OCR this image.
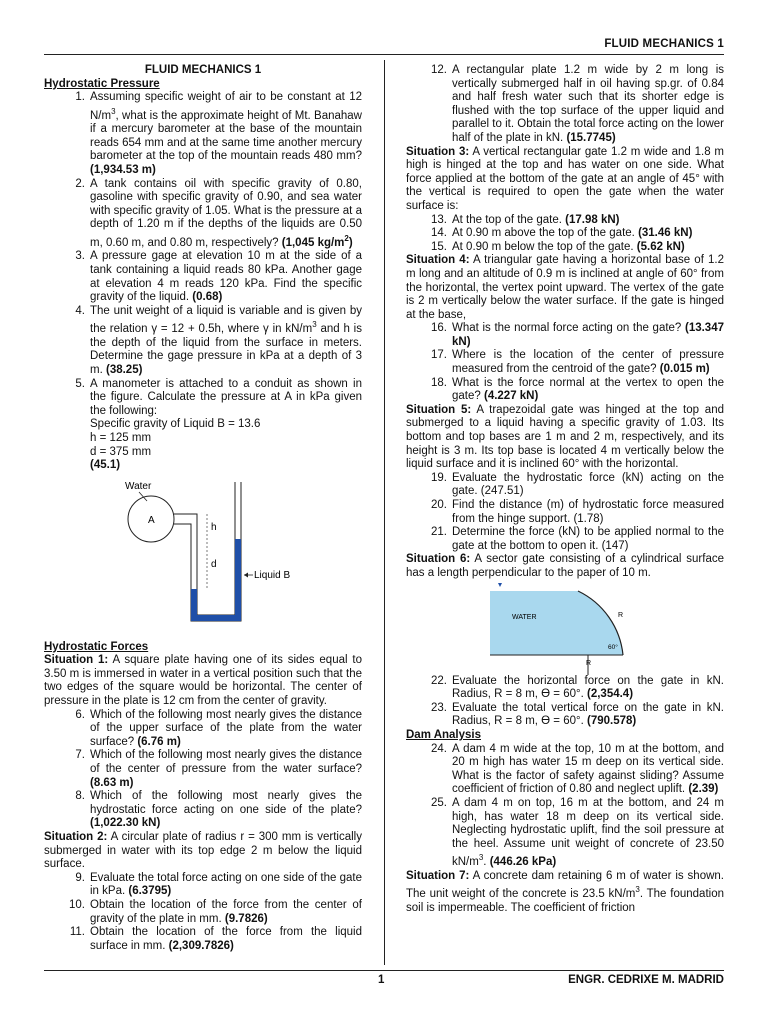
FLUID MECHANICS 1
FLUID MECHANICS 1
Hydrostatic Pressure
1. Assuming specific weight of air to be constant at 12 $N/m^3$, what is the approximate height of Mt. Banahaw if a mercury barometer at the base of the mountain reads 654 mm and at the same time another mercury barometer at the top of the mountain reads 480 mm? (1,934.53 m)
2. A tank contains oil with specific gravity of 0.80, gasoline with specific gravity of 0.90, and sea water with specific gravity of 1.05. What is the pressure at a depth of 1.20 m if the depths of the liquids are 0.50 m, 0.60 m, and 0.80 m, respectively? (1,045 $kg/m^2$)
3. A pressure gage at elevation 10 m at the side of a tank containing a liquid reads 80 kPa. Another gage at elevation 4 m reads 120 kPa. Find the specific gravity of the liquid. (0.68)
4. The unit weight of a liquid is variable and is given by the relation γ = 12 + 0.5h, where γ in $kN/m^3$ and h is the depth of the liquid from the surface in meters. Determine the gage pressure in kPa at a depth of 3 m. (38.25)
5. A manometer is attached to a conduit as shown in the figure. Calculate the pressure at A in kPa given the following:
Specific gravity of Liquid B = 13.6
h = 125 mm
d = 375 mm
(45.1)
Water
A
h
d
Liquid B
Hydrostatic Forces
Situation 1: A square plate having one of its sides equal to 3.50 m is immersed in water in a vertical position such that the two edges of the square would be horizontal. The center of pressure in the plate is 12 cm from the center of gravity.
6. Which of the following most nearly gives the distance of the upper surface of the plate from the water surface? (6.76 m)
7. Which of the following most nearly gives the distance of the center of pressure from the water surface? (8.63 m)
8. Which of the following most nearly gives the hydrostatic force acting on one side of the plate? (1,022.30 kN)
Situation 2: A circular plate of radius r = 300 mm is vertically submerged in water with its top edge 2 m below the liquid surface.
9. Evaluate the total force acting on one side of the gate in kPa. (6.3795)
10. Obtain the location of the force from the center of gravity of the plate in mm. (9.7826)
11. Obtain the location of the force from the liquid surface in mm. (2,309.7826)
12. A rectangular plate 1.2 m wide by 2 m long is vertically submerged half in oil having sp.gr. of 0.84 and half fresh water such that its shorter edge is flushed with the top surface of the upper liquid and parallel to it. Obtain the total force acting on the lower half of the plate in kN. (15.7745)
Situation 3: A vertical rectangular gate 1.2 m wide and 1.8 m high is hinged at the top and has water on one side. What force applied at the bottom of the gate at an angle of 45° with the vertical is required to open the gate when the water surface is:
13. At the top of the gate. (17.98 kN)
14. At 0.90 m above the top of the gate. (31.46 kN)
15. At 0.90 m below the top of the gate. (5.62 kN)
Situation 4: A triangular gate having a horizontal base of 1.2 m long and an altitude of 0.9 m is inclined at angle of 60° from the horizontal, the vertex point upward. The vertex of the gate is 2 m vertically below the water surface. If the gate is hinged at the base,
16. What is the normal force acting on the gate? (13.347 kN)
17. Where is the location of the center of pressure measured from the centroid of the gate? (0.015 m)
18. What is the force normal at the vertex to open the gate? (4.227 kN)
Situation 5: A trapezoidal gate was hinged at the top and submerged to a liquid having a specific gravity of 1.03. Its bottom and top bases are 1 m and 2 m, respectively, and its height is 3 m. Its top base is located 4 m vertically below the liquid surface and it is inclined 60° with the horizontal.
19. Evaluate the hydrostatic force (kN) acting on the gate. (247.51)
20. Find the distance (m) of hydrostatic force measured from the hinge support. (1.78)
21. Determine the force (kN) to be applied normal to the gate at the bottom to open it. (147)
Situation 6: A sector gate consisting of a cylindrical surface has a length perpendicular to the paper of 10 m.
WATER	R
60°
R
22. Evaluate the horizontal force on the gate in kN. Radius, R = 8 m, ϴ = 60°. (2,354.4)
23. Evaluate the total vertical force on the gate in kN. Radius, R = 8 m, ϴ = 60°. (790.578)
Dam Analysis
24. A dam 4 m wide at the top, 10 m at the bottom, and 20 m high has water 15 m deep on its vertical side. What is the factor of safety against sliding? Assume coefficient of friction of 0.80 and neglect uplift. (2.39)
25. A dam 4 m on top, 16 m at the bottom, and 24 m high, has water 18 m deep on its vertical side. Neglecting hydrostatic uplift, find the soil pressure at the heel. Assume unit weight of concrete of 23.50 $kN/m^3$. (446.26 kPa)
Situation 7: A concrete dam retaining 6 m of water is shown. The unit weight of the concrete is 23.5 $kN/m^3$. The foundation soil is impermeable. The coefficient of friction
1	ENGR. CEDRIXE M. MADRID
